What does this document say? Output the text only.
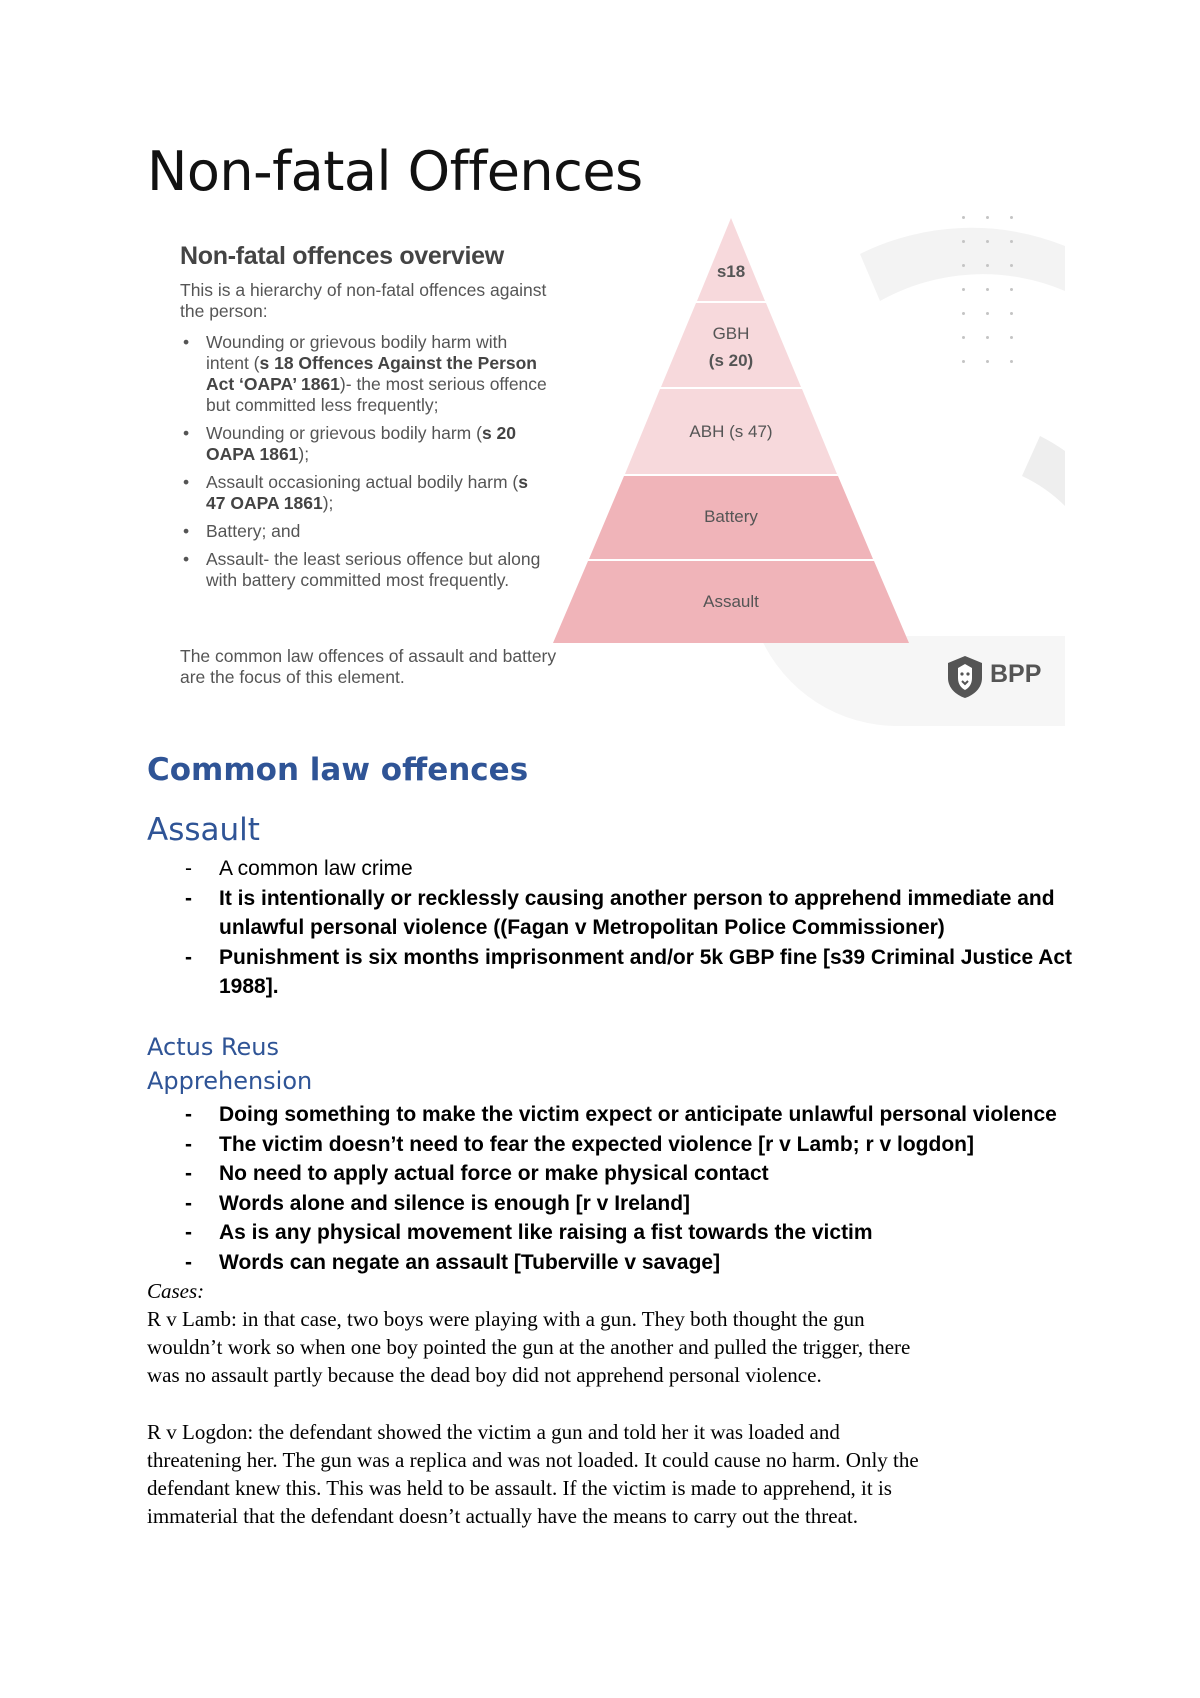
Non-fatal Offences
s18
GBH
(s 20)
ABH (s 47)
Battery
Assault
Non-fatal offences overview
This is a hierarchy of non-fatal offences against the person:
• Wounding or grievous bodily harm with intent (s 18 Offences Against the Person Act ‘OAPA’ 1861)- the most serious offence but committed less frequently;
• Wounding or grievous bodily harm (s 20 OAPA 1861);
• Assault occasioning actual bodily harm (s 47 OAPA 1861);
• Battery; and
• Assault- the least serious offence but along with battery committed most frequently.
The common law offences of assault and battery are the focus of this element.	BPP
Common law offences
Assault
- A common law crime
- It is intentionally or recklessly causing another person to apprehend immediate and
unlawful personal violence ((Fagan v Metropolitan Police Commissioner)
- Punishment is six months imprisonment and/or 5k GBP fine [s39 Criminal Justice Act
1988].
Actus Reus
Apprehension
- Doing something to make the victim expect or anticipate unlawful personal violence
- The victim doesn’t need to fear the expected violence [r v Lamb; r v logdon]
- No need to apply actual force or make physical contact
- Words alone and silence is enough [r v Ireland]
- As is any physical movement like raising a fist towards the victim
- Words can negate an assault [Tuberville v savage]
Cases:
R v Lamb: in that case, two boys were playing with a gun. They both thought the gun
wouldn’t work so when one boy pointed the gun at the another and pulled the trigger, there
was no assault partly because the dead boy did not apprehend personal violence.
R v Logdon: the defendant showed the victim a gun and told her it was loaded and
threatening her. The gun was a replica and was not loaded. It could cause no harm. Only the
defendant knew this. This was held to be assault. If the victim is made to apprehend, it is
immaterial that the defendant doesn’t actually have the means to carry out the threat.
